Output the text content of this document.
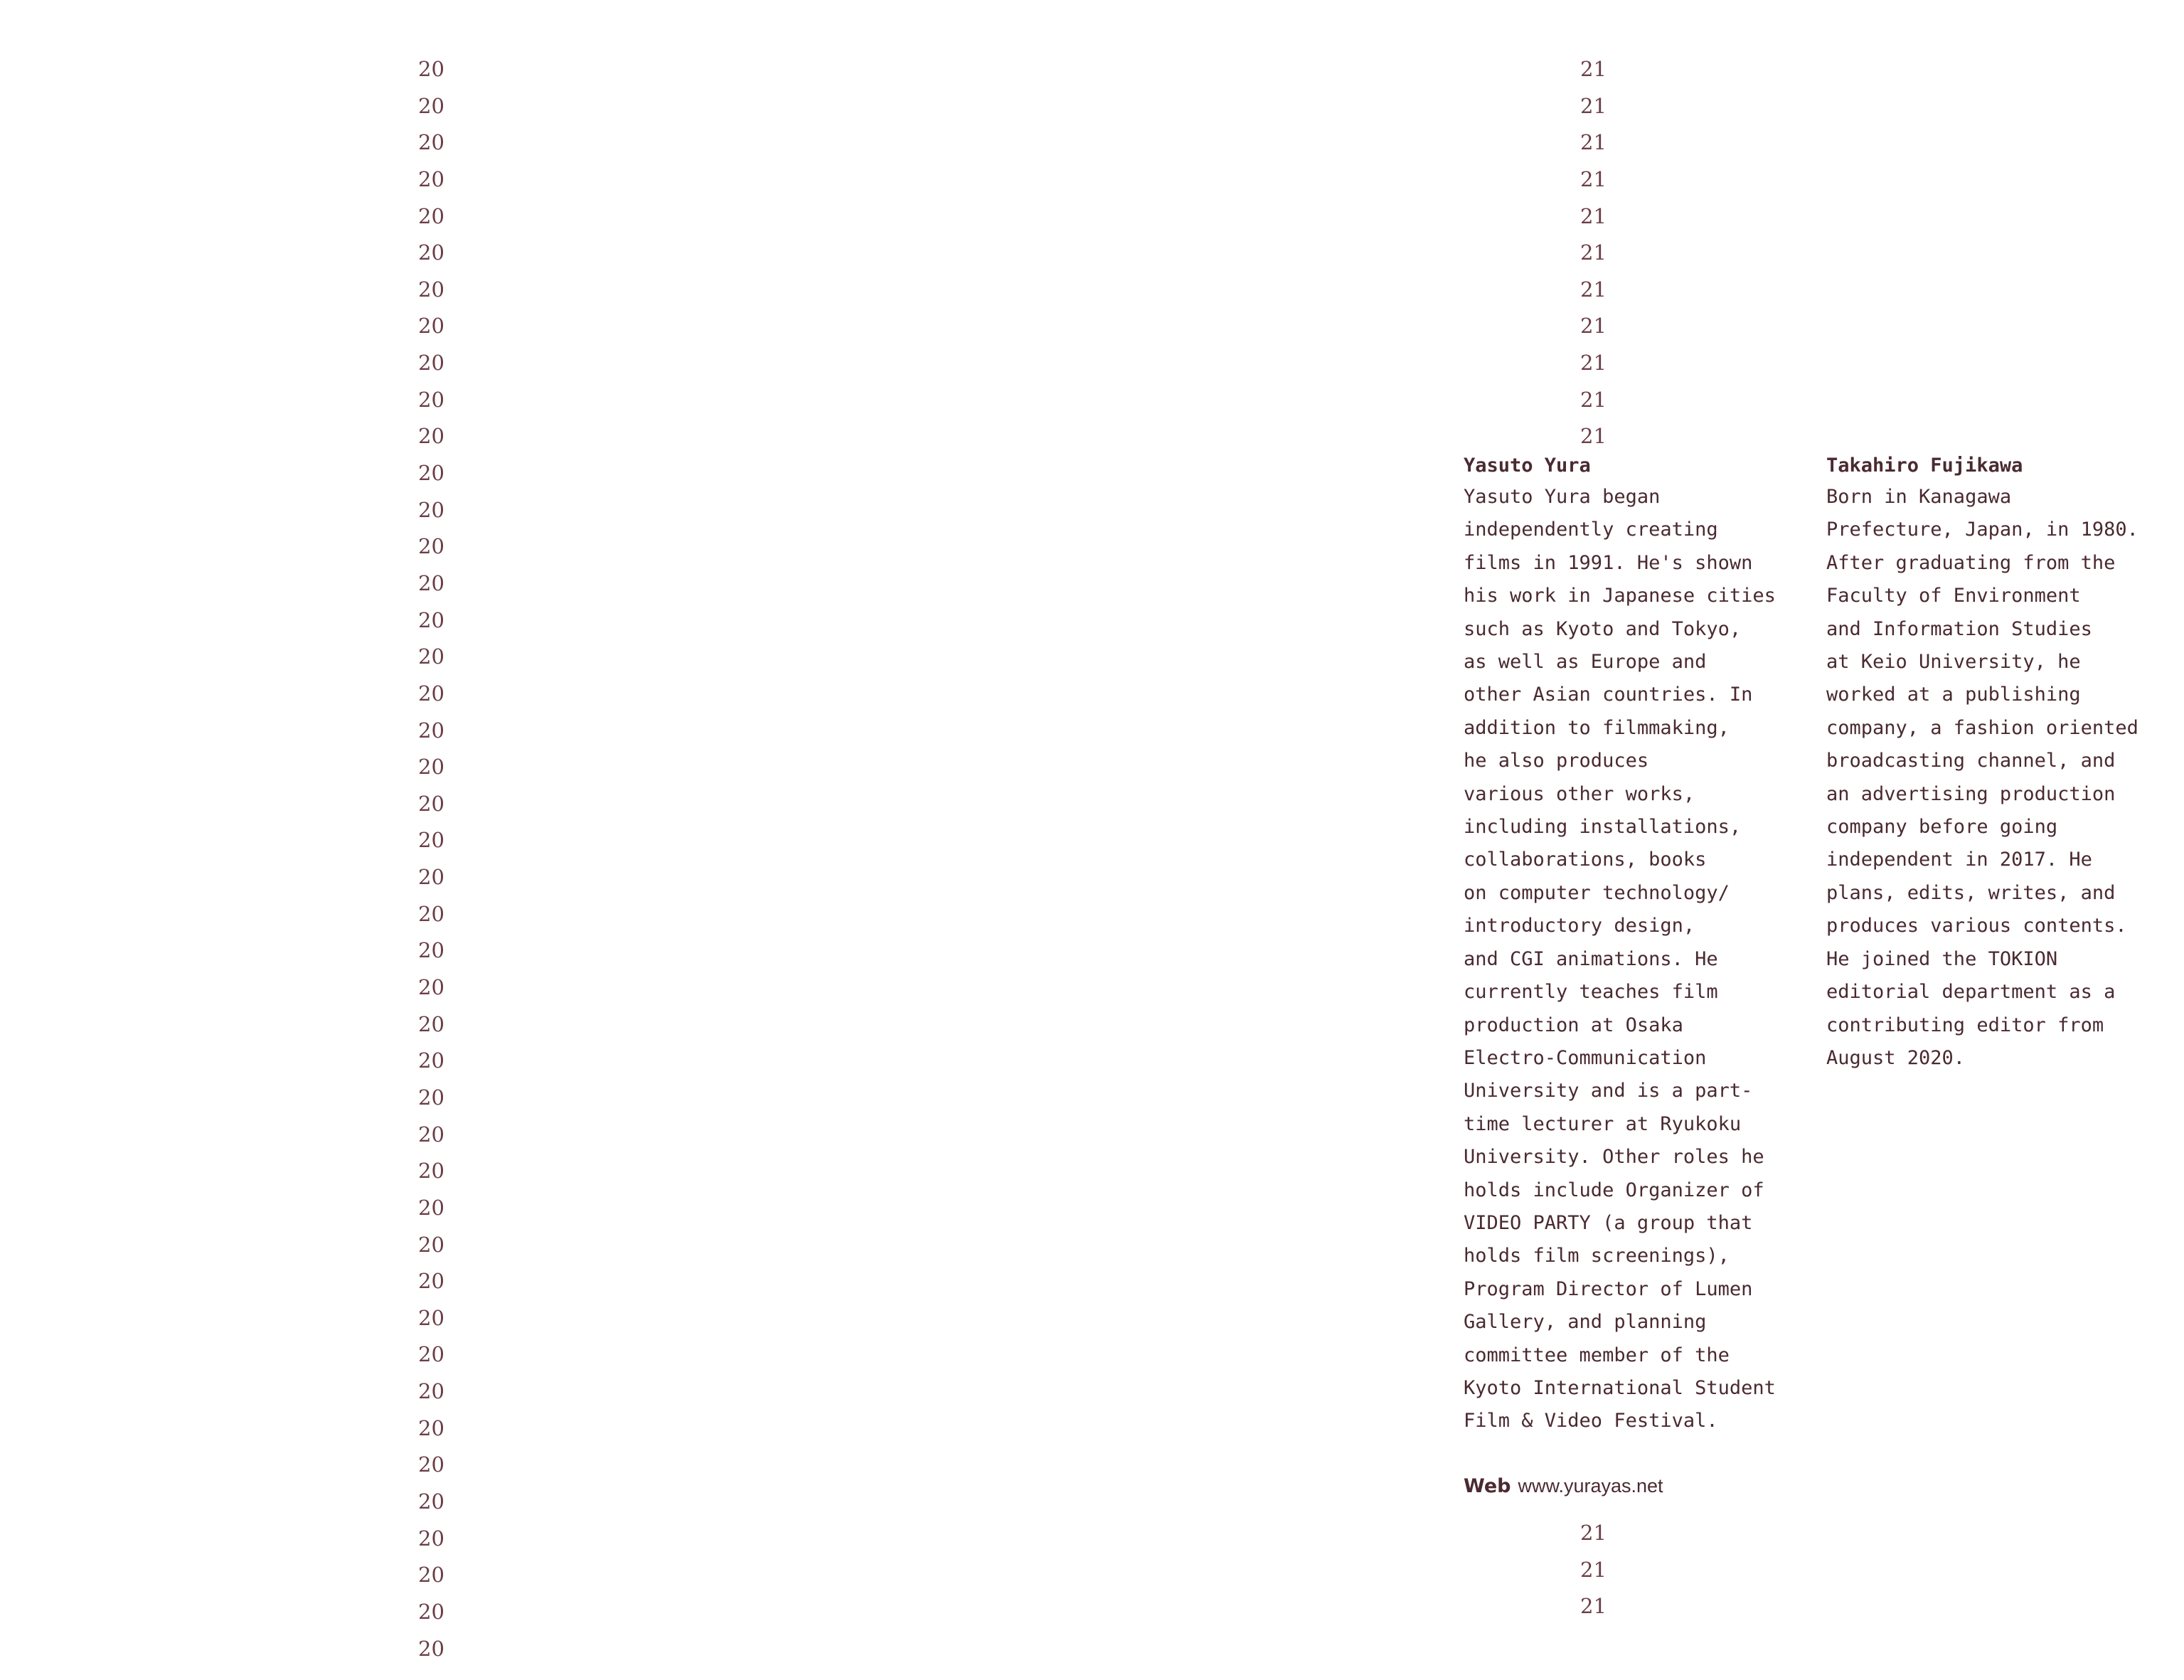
20
20
20
20
20
20
20
20
20
20
20
20
20
20
20
20
20
20
20
20
20
20
20
20
20
20
20
20
20
20
20
20
20
20
20
20
20
20
20
20
20
20
20
20
21
21
21
21
21
21
21
21
21
21
21
Yasuto Yura
Yasuto Yura began
independently creating
films in 1991. He's shown
his work in Japanese cities
such as Kyoto and Tokyo,
as well as Europe and
other Asian countries. In
addition to filmmaking,
he also produces
various other works,
including installations,
collaborations, books
on computer technology/
introductory design,
and CGI animations. He
currently teaches film
production at Osaka
Electro-Communication
University and is a part-
time lecturer at Ryukoku
University. Other roles he
holds include Organizer of
VIDEO PARTY (a group that
holds film screenings),
Program Director of Lumen
Gallery, and planning
committee member of the
Kyoto International Student
Film & Video Festival.
Takahiro Fujikawa
Born in Kanagawa
Prefecture, Japan, in 1980.
After graduating from the
Faculty of Environment
and Information Studies
at Keio University, he
worked at a publishing
company, a fashion oriented
broadcasting channel, and
an advertising production
company before going
independent in 2017. He
plans, edits, writes, and
produces various contents.
He joined the TOKION
editorial department as a
contributing editor from
August 2020.
Web www.yurayas.net
21
21
21
